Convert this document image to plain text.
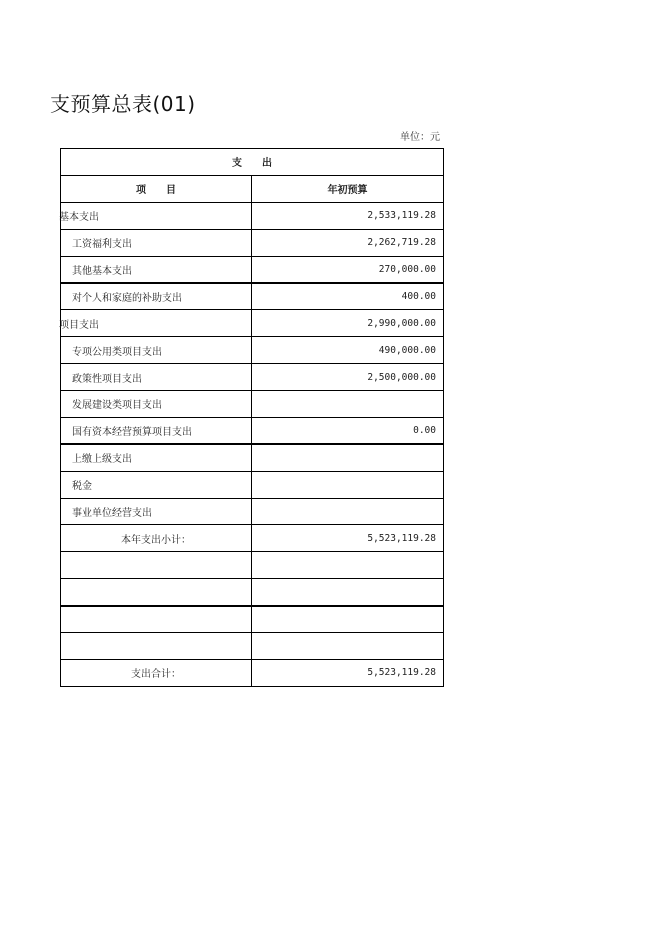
支预算总表(01)
单位：元
支　　出	
项　　目	年初预算
基本支出	2,533,119.28
工资福利支出	2,262,719.28
其他基本支出	270,000.00
对个人和家庭的补助支出	400.00
项目支出	2,990,000.00
专项公用类项目支出	490,000.00
政策性项目支出	2,500,000.00
发展建设类项目支出	
国有资本经营预算项目支出	0.00
上缴上级支出	
税金	
事业单位经营支出	
本年支出小计：	5,523,119.28

支出合计：	5,523,119.28
